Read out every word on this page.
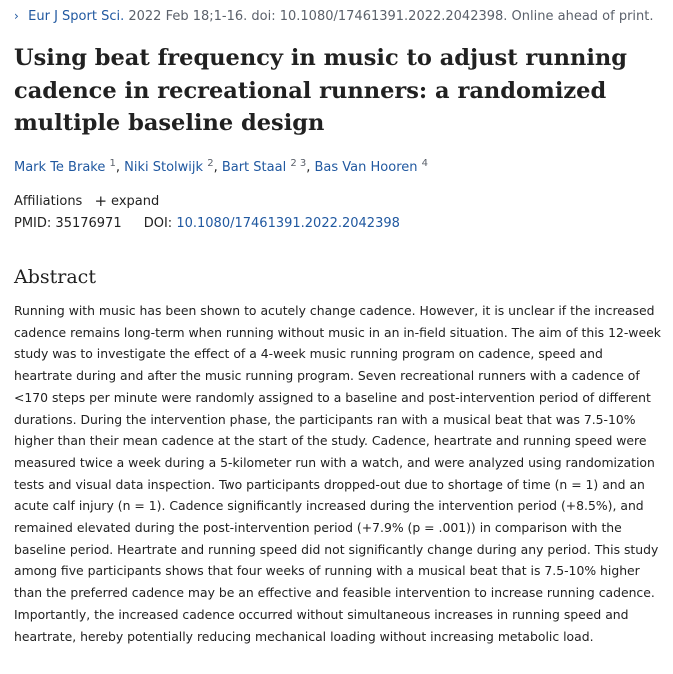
› Eur J Sport Sci. 2022 Feb 18;1-16. doi: 10.1080/17461391.2022.2042398. Online ahead of print.
Using beat frequency in music to adjust running cadence in recreational runners: a randomized multiple baseline design
Mark Te Brake $^1$, Niki Stolwijk $^2$, Bart Staal $^{2 3}$, Bas Van Hooren $^4$
Affiliations + expand
PMID: 35176971 DOI: 10.1080/17461391.2022.2042398
Abstract

Running with music has been shown to acutely change cadence. However, it is unclear if the increased cadence remains long-term when running without music in an in-field situation. The aim of this 12-week study was to investigate the effect of a 4-week music running program on cadence, speed and heartrate during and after the music running program. Seven recreational runners with a cadence of <170 steps per minute were randomly assigned to a baseline and post-intervention period of different durations. During the intervention phase, the participants ran with a musical beat that was 7.5-10% higher than their mean cadence at the start of the study. Cadence, heartrate and running speed were measured twice a week during a 5-kilometer run with a watch, and were analyzed using randomization tests and visual data inspection. Two participants dropped-out due to shortage of time (n = 1) and an acute calf injury (n = 1). Cadence significantly increased during the intervention period (+8.5%), and remained elevated during the post-intervention period (+7.9% (p = .001)) in comparison with the baseline period. Heartrate and running speed did not significantly change during any period. This study among five participants shows that four weeks of running with a musical beat that is 7.5-10% higher than the preferred cadence may be an effective and feasible intervention to increase running cadence. Importantly, the increased cadence occurred without simultaneous increases in running speed and heartrate, hereby potentially reducing mechanical loading without increasing metabolic load.
